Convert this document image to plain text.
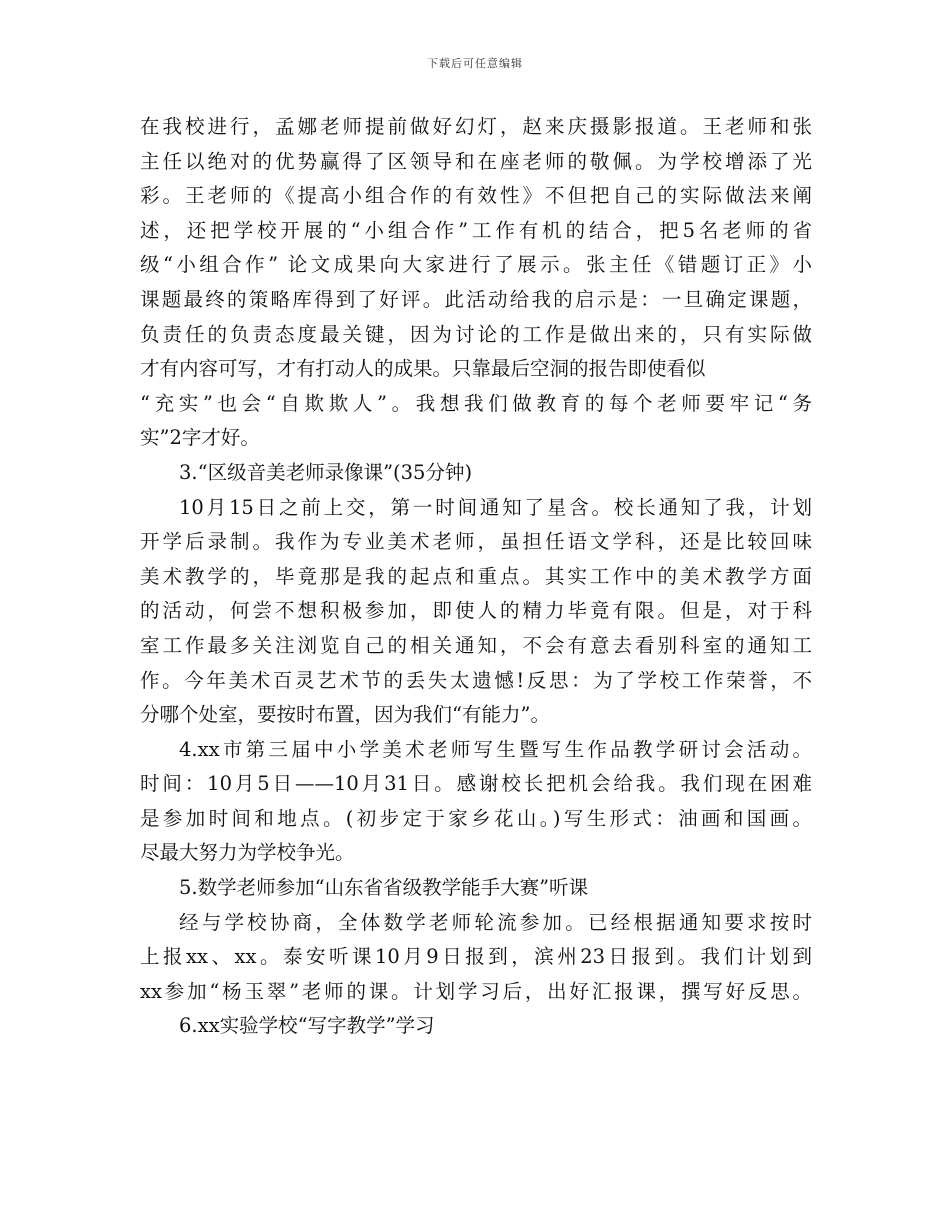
下载后可任意编辑
在我校进行，孟娜老师提前做好幻灯，赵来庆摄影报道。王老师和张
主任以绝对的优势赢得了区领导和在座老师的敬佩。为学校增添了光
彩。王老师的《提高小组合作的有效性》不但把自己的实际做法来阐
述，还把学校开展的“小组合作”工作有机的结合，把5名老师的省
级“小组合作” 论文成果向大家进行了展示。张主任《错题订正》小
课题最终的策略库得到了好评。此活动给我的启示是：一旦确定课题，
负责任的负责态度最关键，因为讨论的工作是做出来的，只有实际做
才有内容可写，才有打动人的成果。只靠最后空洞的报告即使看似
“充实”也会“自欺欺人”。我想我们做教育的每个老师要牢记“务
实”2字才好。
3.“区级音美老师录像课”(35分钟)
10月15日之前上交，第一时间通知了星含。校长通知了我，计划
开学后录制。我作为专业美术老师，虽担任语文学科，还是比较回味
美术教学的，毕竟那是我的起点和重点。其实工作中的美术教学方面
的活动，何尝不想积极参加，即使人的精力毕竟有限。但是，对于科
室工作最多关注浏览自己的相关通知，不会有意去看别科室的通知工
作。今年美术百灵艺术节的丢失太遗憾!反思：为了学校工作荣誉，不
分哪个处室，要按时布置，因为我们“有能力”。
4.xx市第三届中小学美术老师写生暨写生作品教学研讨会活动。
时间：10月5日——10月31日。感谢校长把机会给我。我们现在困难
是参加时间和地点。(初步定于家乡花山。)写生形式：油画和国画。
尽最大努力为学校争光。
5.数学老师参加“山东省省级教学能手大赛”听课
经与学校协商，全体数学老师轮流参加。已经根据通知要求按时
上报xx、xx。泰安听课10月9日报到，滨州23日报到。我们计划到
xx参加“杨玉翠”老师的课。计划学习后，出好汇报课，撰写好反思。
6.xx实验学校“写字教学”学习
